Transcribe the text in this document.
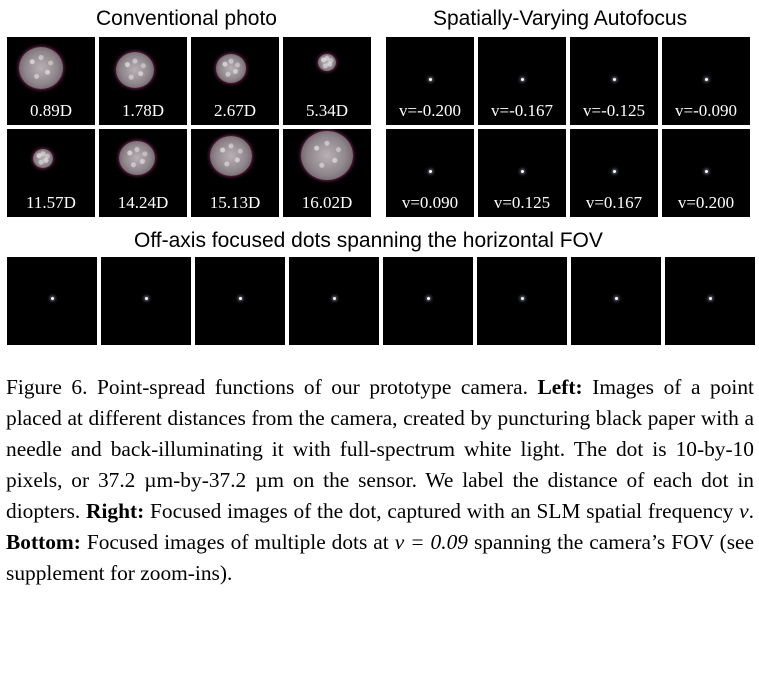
Conventional photo	Spatially-Varying Autofocus
0.89D	1.78D	2.67D	5.34D
11.57D	14.24D	15.13D	16.02D
v=-0.200	v=-0.167	v=-0.125	v=-0.090
v=0.090	v=0.125	v=0.167	v=0.200
Off-axis focused dots spanning the horizontal FOV
Figure 6. Point-spread functions of our prototype camera. Left: Images of a point placed at different distances from the camera, created by puncturing black paper with a needle and back-illuminating it with full-spectrum white light. The dot is 10-by-10 pixels, or 37.2 µm-by-37.2 µm on the sensor. We label the distance of each dot in diopters. Right: Focused images of the dot, captured with an SLM spatial frequency v. Bottom: Focused images of multiple dots at v = 0.09 spanning the camera’s FOV (see supplement for zoom-ins).
